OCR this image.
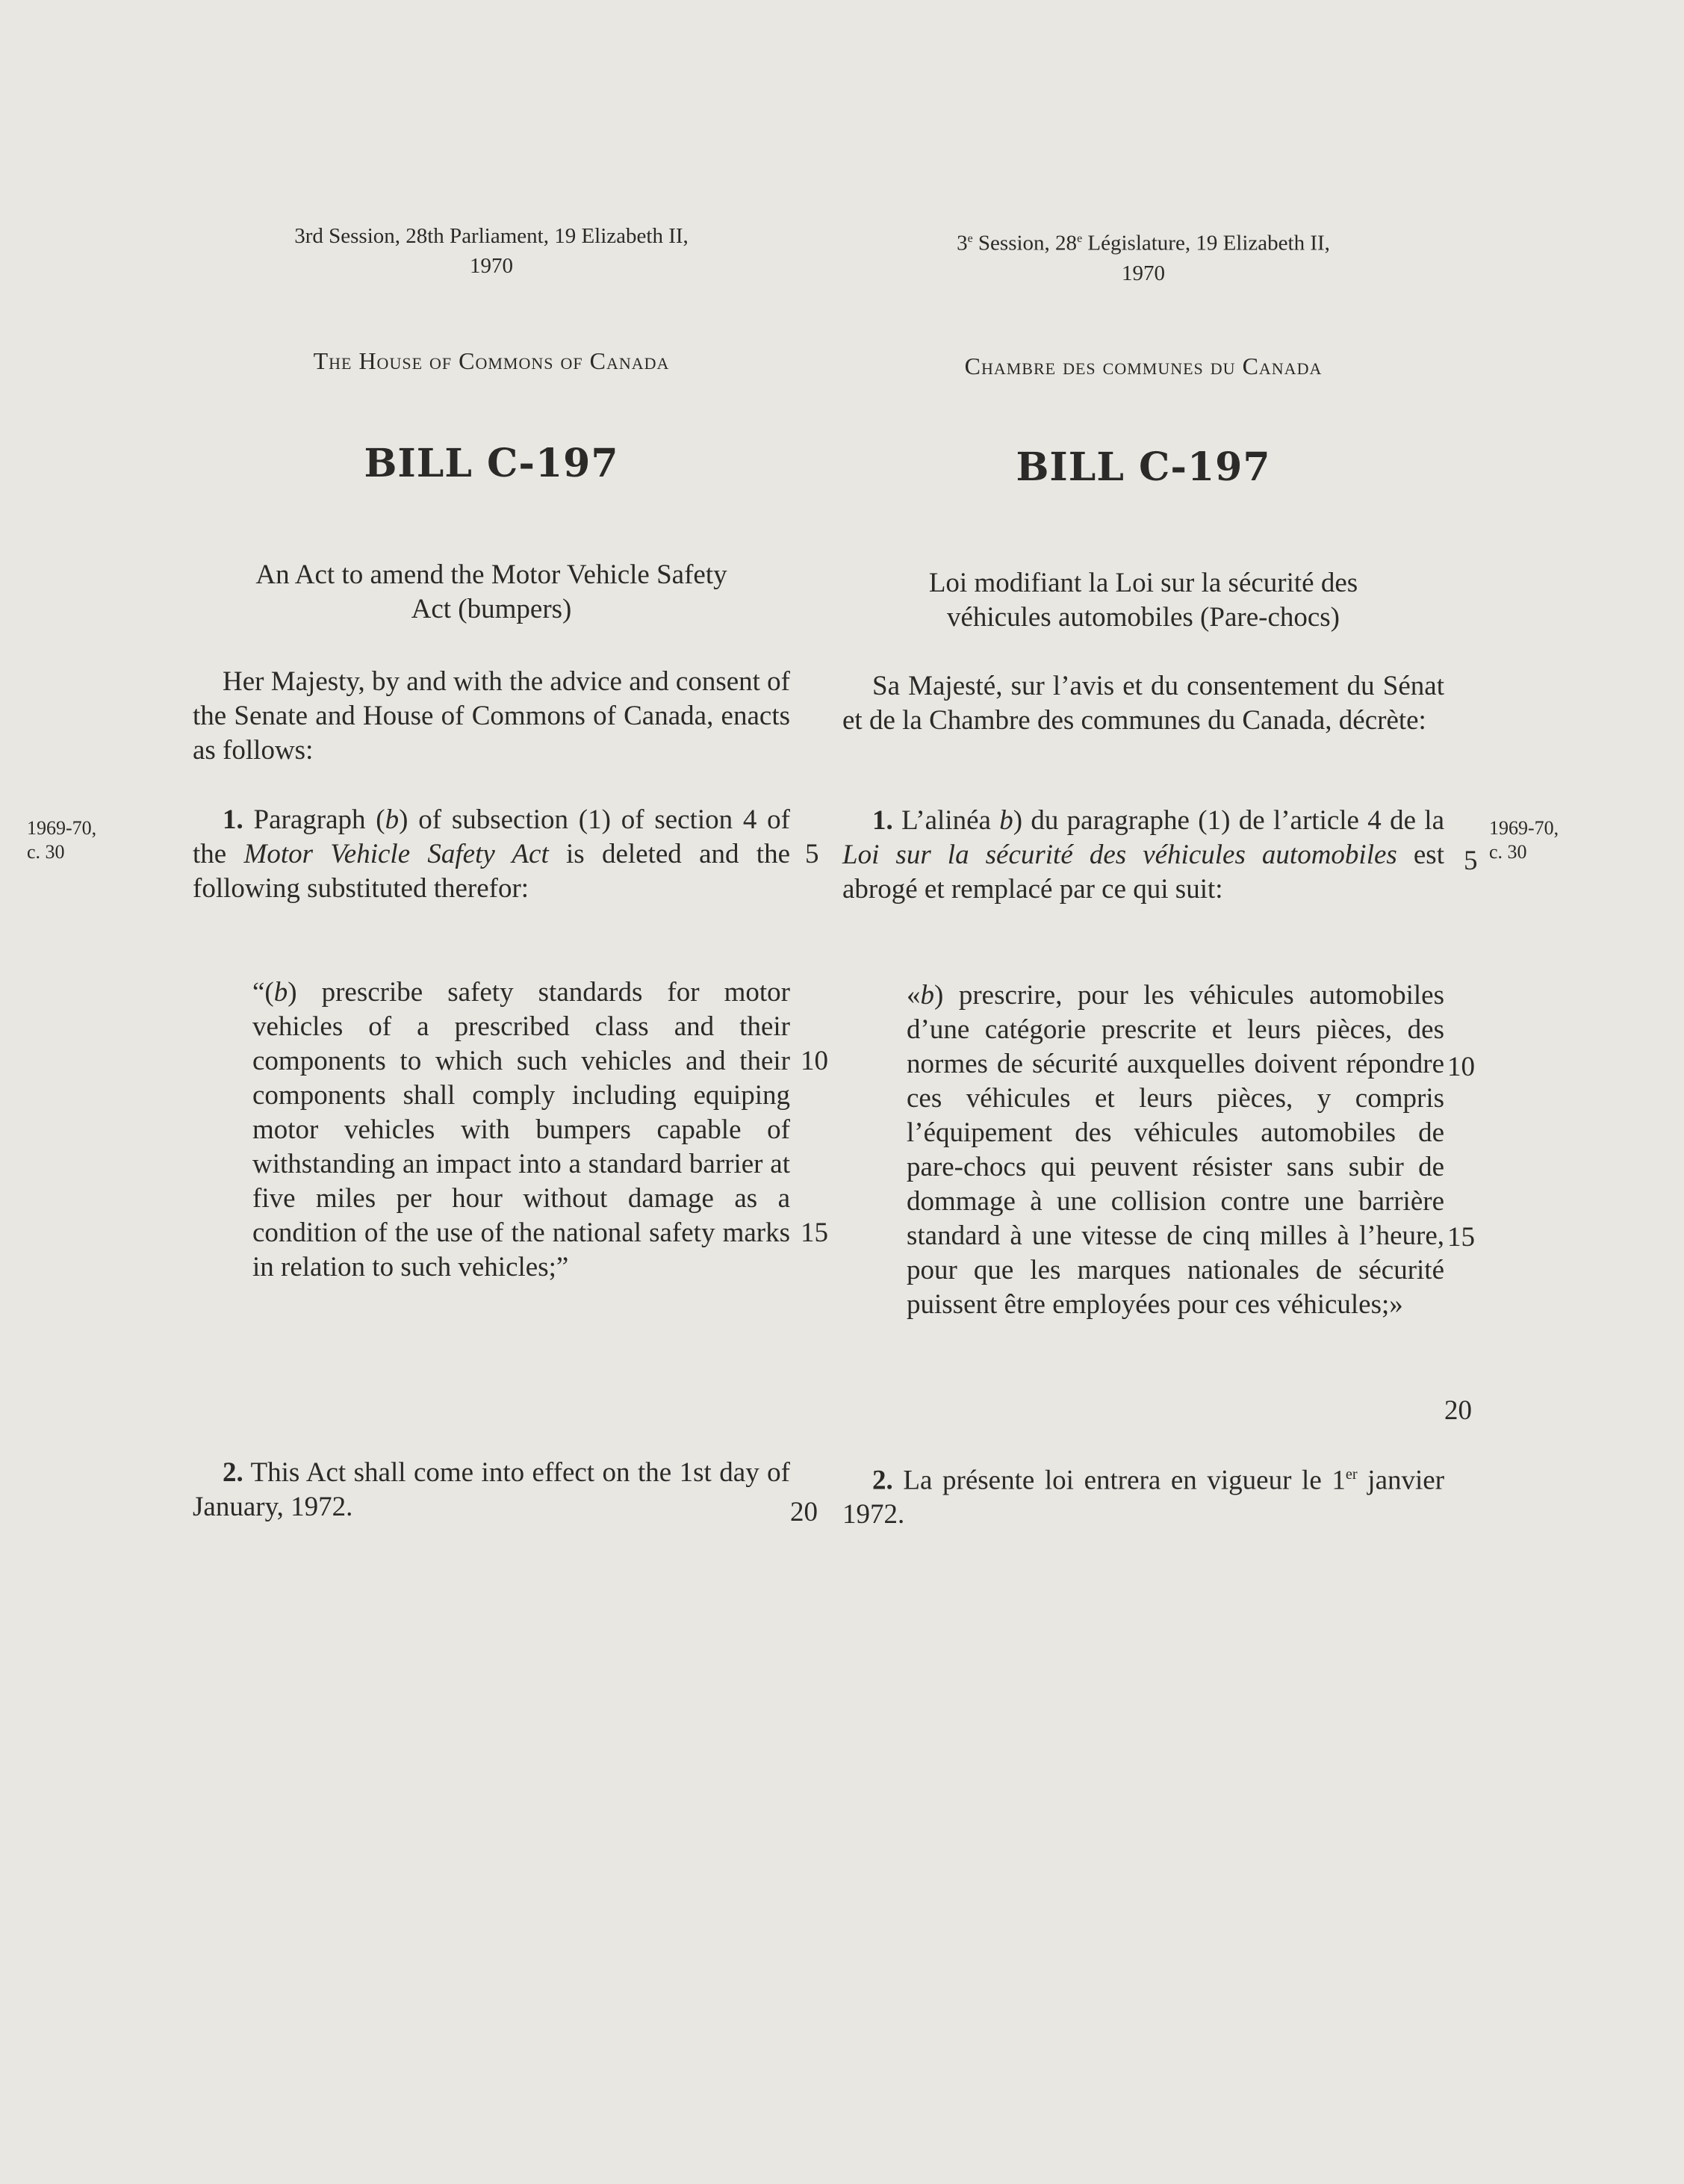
3rd Session, 28th Parliament, 19 Elizabeth II,
1970
The House of Commons of Canada
BILL C-197
An Act to amend the Motor Vehicle Safety
Act (bumpers)
Her Majesty, by and with the advice and consent of the Senate and House of Commons of Canada, enacts as follows:
1. Paragraph (b) of subsection (1) of section 4 of the Motor Vehicle Safety Act is deleted and the following substituted therefor:
“(b) prescribe safety standards for motor vehicles of a prescribed class and their components to which such vehicles and their components shall comply including equiping motor vehicles with bumpers capable of withstanding an impact into a standard barrier at five miles per hour without damage as a condition of the use of the national safety marks in relation to such vehicles;”
2. This Act shall come into effect on the 1st day of January, 1972.
1969-70,
c. 30	5
10
15
20
3e Session, 28e Législature, 19 Elizabeth II,
1970
Chambre des communes du Canada
BILL C-197
Loi modifiant la Loi sur la sécurité des
véhicules automobiles (Pare-chocs)
Sa Majesté, sur l’avis et du consentement du Sénat et de la Chambre des communes du Canada, décrète:
1. L’alinéa b) du paragraphe (1) de l’article 4 de la Loi sur la sécurité des véhicules automobiles est abrogé et remplacé par ce qui suit:
«b) prescrire, pour les véhicules automobiles d’une catégorie prescrite et leurs pièces, des normes de sécurité auxquelles doivent répondre ces véhicules et leurs pièces, y compris l’équipement des véhicules automobiles de pare-chocs qui peuvent résister sans subir de dommage à une collision contre une barrière standard à une vitesse de cinq milles à l’heure, pour que les marques nationales de sécurité puissent être employées pour ces véhicules;»
2. La présente loi entrera en vigueur le 1er janvier 1972.
1969-70,
c. 30
5
10
15
20
